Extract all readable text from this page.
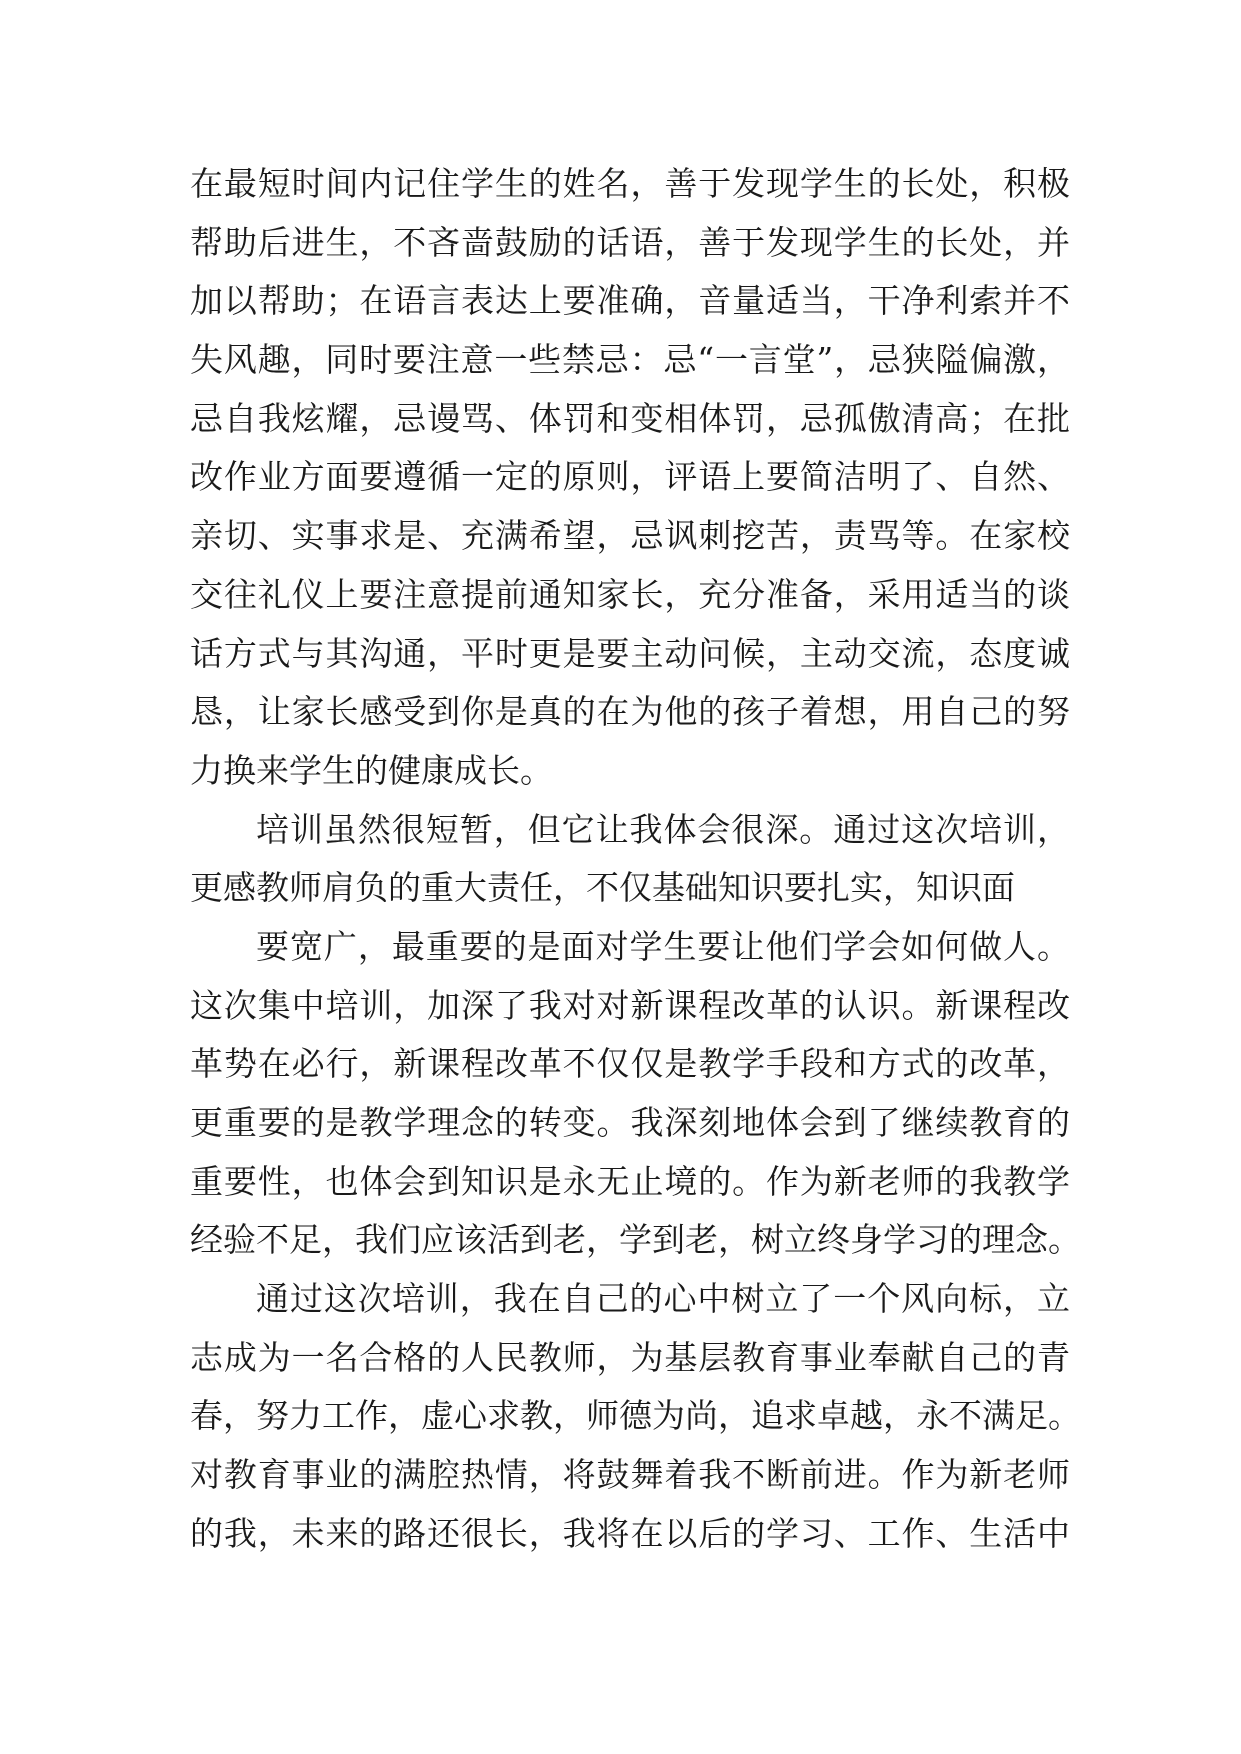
在最短时间内记住学生的姓名，善于发现学生的长处，积极
帮助后进生，不吝啬鼓励的话语，善于发现学生的长处，并
加以帮助；在语言表达上要准确，音量适当，干净利索并不
失风趣，同时要注意一些禁忌：忌“一言堂”，忌狭隘偏激，
忌自我炫耀，忌谩骂、体罚和变相体罚，忌孤傲清高；在批
改作业方面要遵循一定的原则，评语上要简洁明了、自然、
亲切、实事求是、充满希望，忌讽刺挖苦，责骂等。在家校
交往礼仪上要注意提前通知家长，充分准备，采用适当的谈
话方式与其沟通，平时更是要主动问候，主动交流，态度诚
恳，让家长感受到你是真的在为他的孩子着想，用自己的努
力换来学生的健康成长。
培训虽然很短暂，但它让我体会很深。通过这次培训，
更感教师肩负的重大责任，不仅基础知识要扎实，知识面
要宽广，最重要的是面对学生要让他们学会如何做人。
这次集中培训，加深了我对对新课程改革的认识。新课程改
革势在必行，新课程改革不仅仅是教学手段和方式的改革，
更重要的是教学理念的转变。我深刻地体会到了继续教育的
重要性，也体会到知识是永无止境的。作为新老师的我教学
经验不足，我们应该活到老，学到老，树立终身学习的理念。
通过这次培训，我在自己的心中树立了一个风向标，立
志成为一名合格的人民教师，为基层教育事业奉献自己的青
春，努力工作，虚心求教，师德为尚，追求卓越，永不满足。
对教育事业的满腔热情，将鼓舞着我不断前进。作为新老师
的我，未来的路还很长，我将在以后的学习、工作、生活中
